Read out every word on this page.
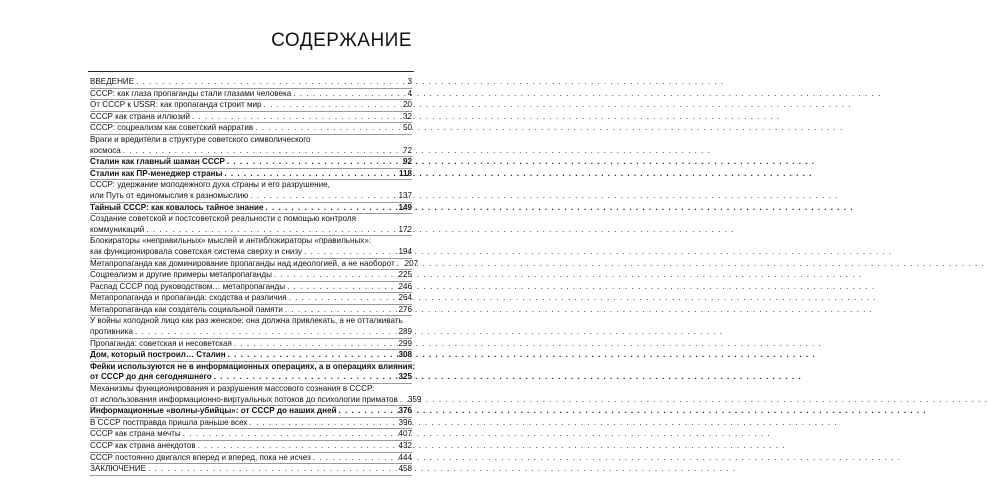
СОДЕРЖАНИЕ
ВВЕДЕНИЕ . . .	3
СССР: как глаза пропаганды стали глазами человека . . .	4
От СССР к USSR: как пропаганда строит мир . . .	20
СССР как страна иллюзий . . .	32
СССР: соцреализм как советский нарратив . . .	50
Враги и вредители в структуре советского символического
космоса . . .	72
Сталин как главный шаман СССР . . .	92
Сталин как ПР-менеджер страны . . .	118
СССР: удержание молодежного духа страны и его разрушение,
или Путь от единомыслия к разномыслию . . .	137
Тайный СССР: как ковалось тайное знание . . .	149
Создание советской и постсоветской реальности с помощью контроля
коммуникаций . . .	172
Блокираторы «неправильных» мыслей и антиблокираторы «правильных»:
как функционировала советская система сверху и снизу . . .	194
Метапропаганда как доминирование пропаганды над идеологией, а не наоборот . . . 207
Соцреализм и другие примеры метапропаганды . . .	225
Распад СССР под руководством… метапропаганды . . .	246
Метапропаганда и пропаганда: сходства и различия . . .	264
Метапропаганда как создатель социальной памяти . . .	276
У войны холодной лицо как раз женское: она должна привлекать, а не отталкивать
противника . . .	289
Пропаганда: советская и несоветская . . .	299
Дом, который построил… Сталин . . .	308
Фейки используются не в информационных операциях, а в операциях влияния:
от СССР до дня сегодняшнего . . .	325
Механизмы функционирования и разрушения массового сознания в СССР:
от использования информационно-виртуальных потоков до психологии приматов . . . 359
Информационные «волны-убийцы»: от СССР до наших дней . . .	376
В СССР постправда пришла раньше всех . . .	396
СССР как страна мечты . . .	407
СССР как страна анекдотов . . .	432
СССР постоянно двигался вперед и вперед, пока не исчез . . .	444
ЗАКЛЮЧЕНИЕ . . .	458
